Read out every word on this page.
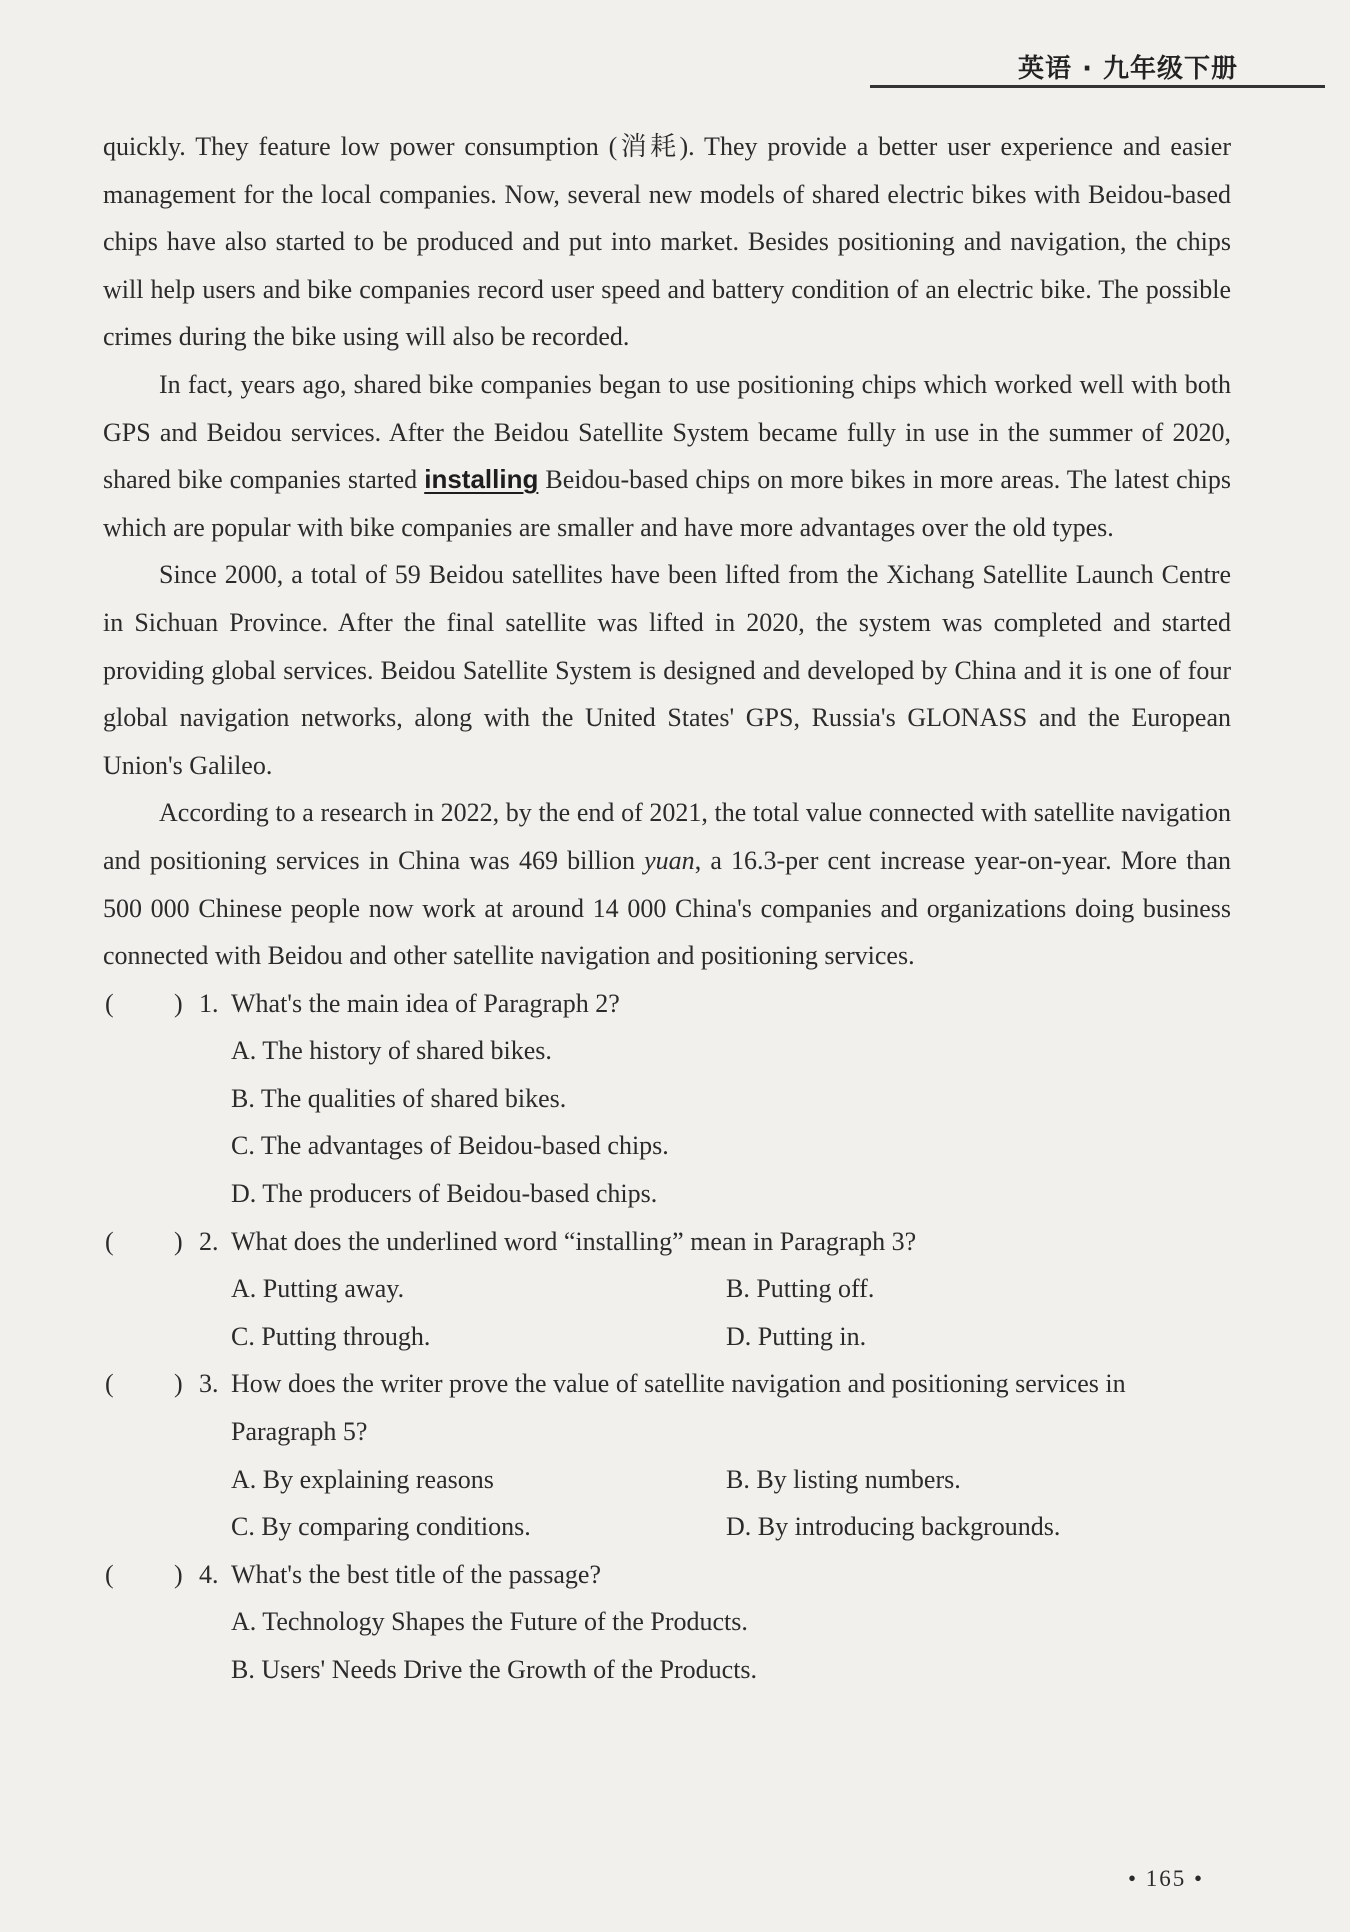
英语 · 九年级下册

quickly. They feature low power consumption (消耗). They provide a better user experience and easier management for the local companies. Now, several new models of shared electric bikes with Beidou-based chips have also started to be produced and put into market. Besides positioning and navigation, the chips will help users and bike companies record user speed and battery condition of an electric bike. The possible crimes during the bike using will also be recorded.

In fact, years ago, shared bike companies began to use positioning chips which worked well with both GPS and Beidou services. After the Beidou Satellite System became fully in use in the summer of 2020, shared bike companies started installing Beidou-based chips on more bikes in more areas. The latest chips which are popular with bike companies are smaller and have more advantages over the old types.

Since 2000, a total of 59 Beidou satellites have been lifted from the Xichang Satellite Launch Centre in Sichuan Province. After the final satellite was lifted in 2020, the system was completed and started providing global services. Beidou Satellite System is designed and developed by China and it is one of four global navigation networks, along with the United States' GPS, Russia's GLONASS and the European Union's Galileo.

According to a research in 2022, by the end of 2021, the total value connected with satellite navigation and positioning services in China was 469 billion yuan, a 16.3-per cent increase year-on-year. More than 500 000 Chinese people now work at around 14 000 China's companies and organizations doing business connected with Beidou and other satellite navigation and positioning services.

( ) 1. What's the main idea of Paragraph 2?
A. The history of shared bikes.
B. The qualities of shared bikes.
C. The advantages of Beidou-based chips.
D. The producers of Beidou-based chips.
( ) 2. What does the underlined word “installing” mean in Paragraph 3?
A. Putting away.	B. Putting off.
C. Putting through.	D. Putting in.
( ) 3. How does the writer prove the value of satellite navigation and positioning services in Paragraph 5?
A. By explaining reasons	B. By listing numbers.
C. By comparing conditions.	D. By introducing backgrounds.
( ) 4. What's the best title of the passage?
A. Technology Shapes the Future of the Products.
B. Users' Needs Drive the Growth of the Products.
• 165 •
